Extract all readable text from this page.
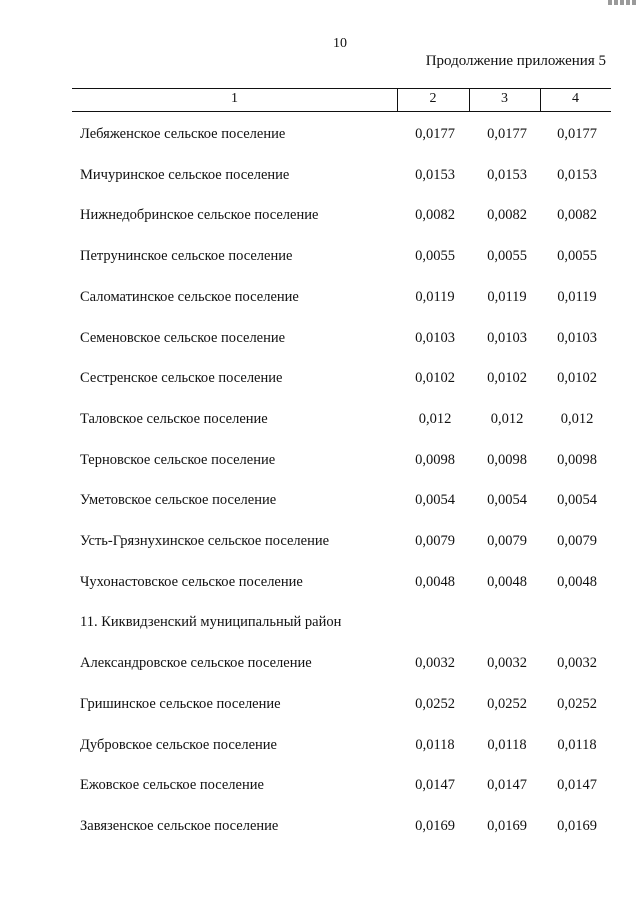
10
Продолжение приложения 5
1	2	3	4
Лебяженское сельское поселение	0,0177	0,0177	0,0177
Мичуринское сельское поселение	0,0153	0,0153	0,0153
Нижнедобринское сельское поселение	0,0082	0,0082	0,0082
Петрунинское сельское поселение	0,0055	0,0055	0,0055
Саломатинское сельское поселение	0,0119	0,0119	0,0119
Семеновское сельское поселение	0,0103	0,0103	0,0103
Сестренское сельское поселение	0,0102	0,0102	0,0102
Таловское сельское поселение	0,012	0,012	0,012
Терновское сельское поселение	0,0098	0,0098	0,0098
Уметовское сельское поселение	0,0054	0,0054	0,0054
Усть-Грязнухинское сельское поселение	0,0079	0,0079	0,0079
Чухонастовское сельское поселение	0,0048	0,0048	0,0048
11. Киквидзенский муниципальный район
Александровское сельское поселение	0,0032	0,0032	0,0032
Гришинское сельское поселение	0,0252	0,0252	0,0252
Дубровское сельское поселение	0,0118	0,0118	0,0118
Ежовское сельское поселение	0,0147	0,0147	0,0147
Завязенское сельское поселение	0,0169	0,0169	0,0169
